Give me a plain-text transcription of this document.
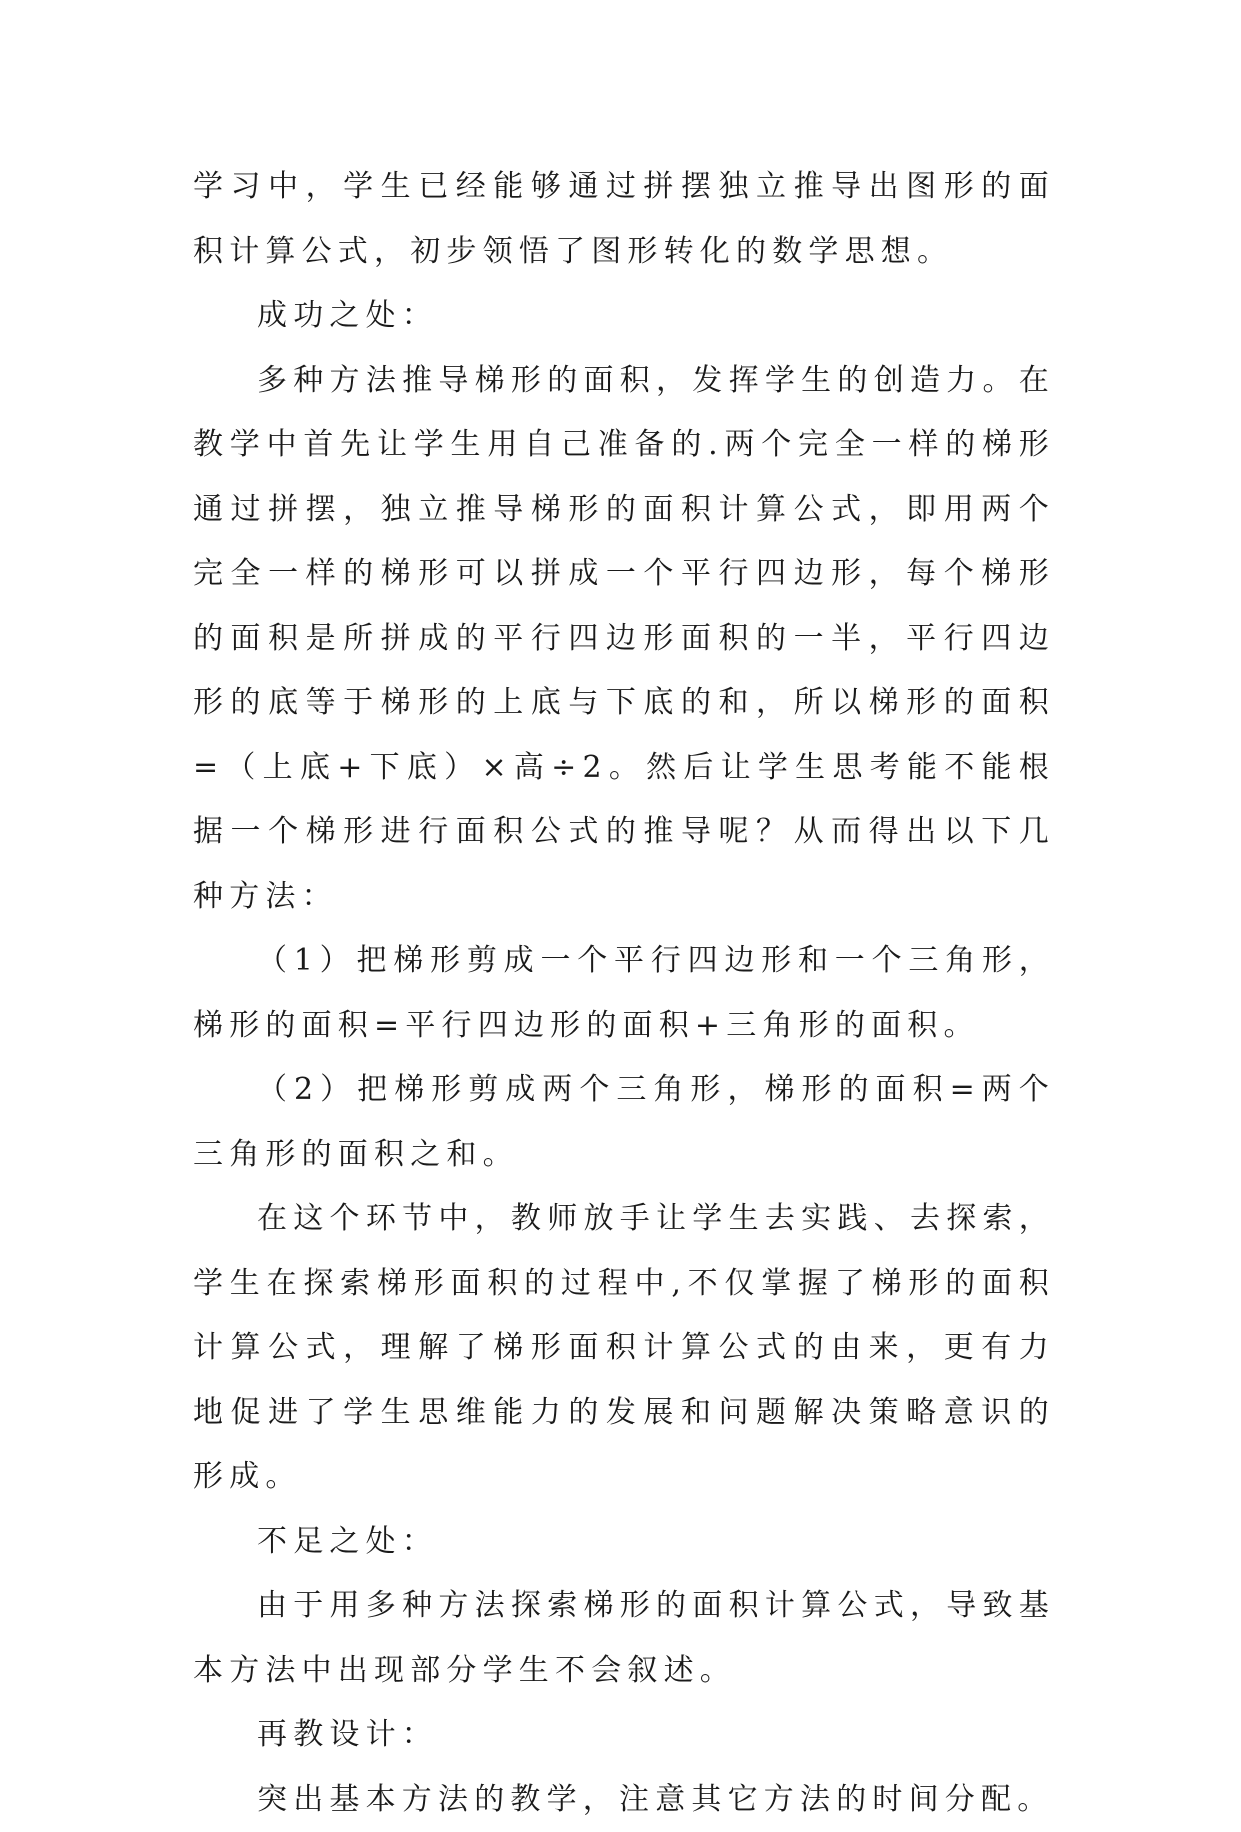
学习中，学生已经能够通过拼摆独立推导出图形的面积计算公式，初步领悟了图形转化的数学思想。

成功之处：

多种方法推导梯形的面积，发挥学生的创造力。在教学中首先让学生用自己准备的.两个完全一样的梯形通过拼摆，独立推导梯形的面积计算公式，即用两个完全一样的梯形可以拼成一个平行四边形，每个梯形的面积是所拼成的平行四边形面积的一半，平行四边形的底等于梯形的上底与下底的和，所以梯形的面积=（上底+下底）×高÷2。然后让学生思考能不能根据一个梯形进行面积公式的推导呢？从而得出以下几种方法：

（1）把梯形剪成一个平行四边形和一个三角形，梯形的面积=平行四边形的面积+三角形的面积。

（2）把梯形剪成两个三角形，梯形的面积=两个三角形的面积之和。

在这个环节中，教师放手让学生去实践、去探索，学生在探索梯形面积的过程中,不仅掌握了梯形的面积计算公式，理解了梯形面积计算公式的由来，更有力地促进了学生思维能力的发展和问题解决策略意识的形成。

不足之处：

由于用多种方法探索梯形的面积计算公式，导致基本方法中出现部分学生不会叙述。

再教设计：

突出基本方法的教学，注意其它方法的时间分配。
